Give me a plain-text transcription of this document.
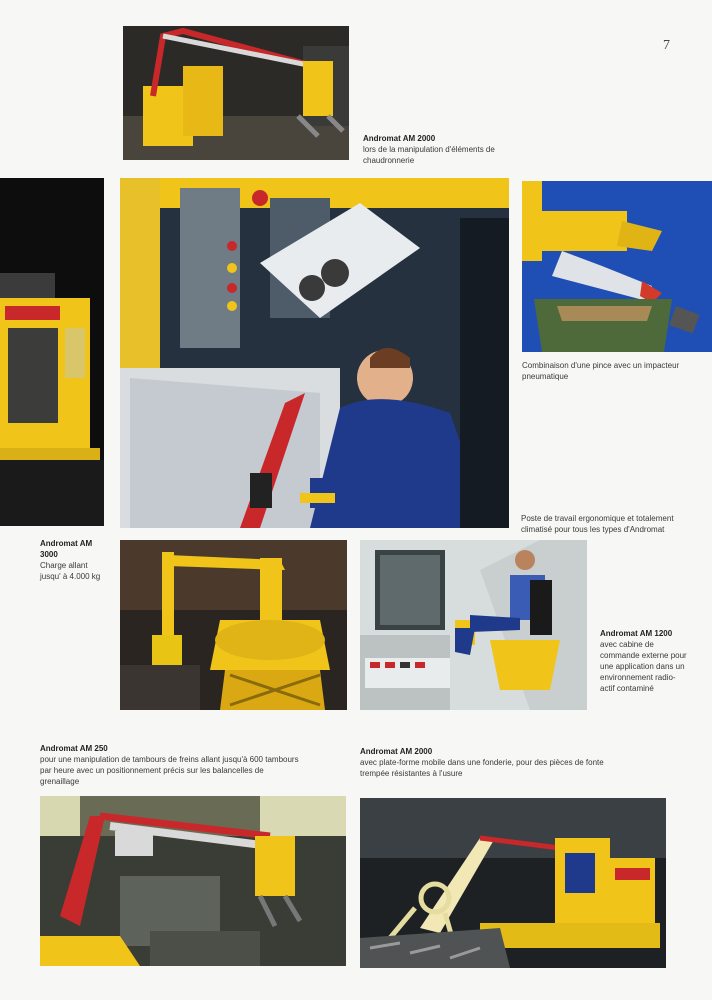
7
Andromat AM 2000
lors de la manipulation d'éléments de chaudronnerie
Combinaison d'une pince avec un impacteur pneumatique
Poste de travail ergonomique et totalement climatisé pour tous les types d'Andromat
Andromat AM 3000
Charge allant jusqu' à 4.000 kg
Andromat AM 1200
avec cabine de commande externe pour une application dans un environnement radio-actif contaminé
Andromat AM 250
pour une manipulation de tambours de freins allant jusqu'à 600 tambours par heure avec un positionnement précis sur les balancelles de grenaillage
Andromat AM 2000
avec plate-forme mobile dans une fonderie, pour des pièces de fonte trempée résistantes à l'usure
